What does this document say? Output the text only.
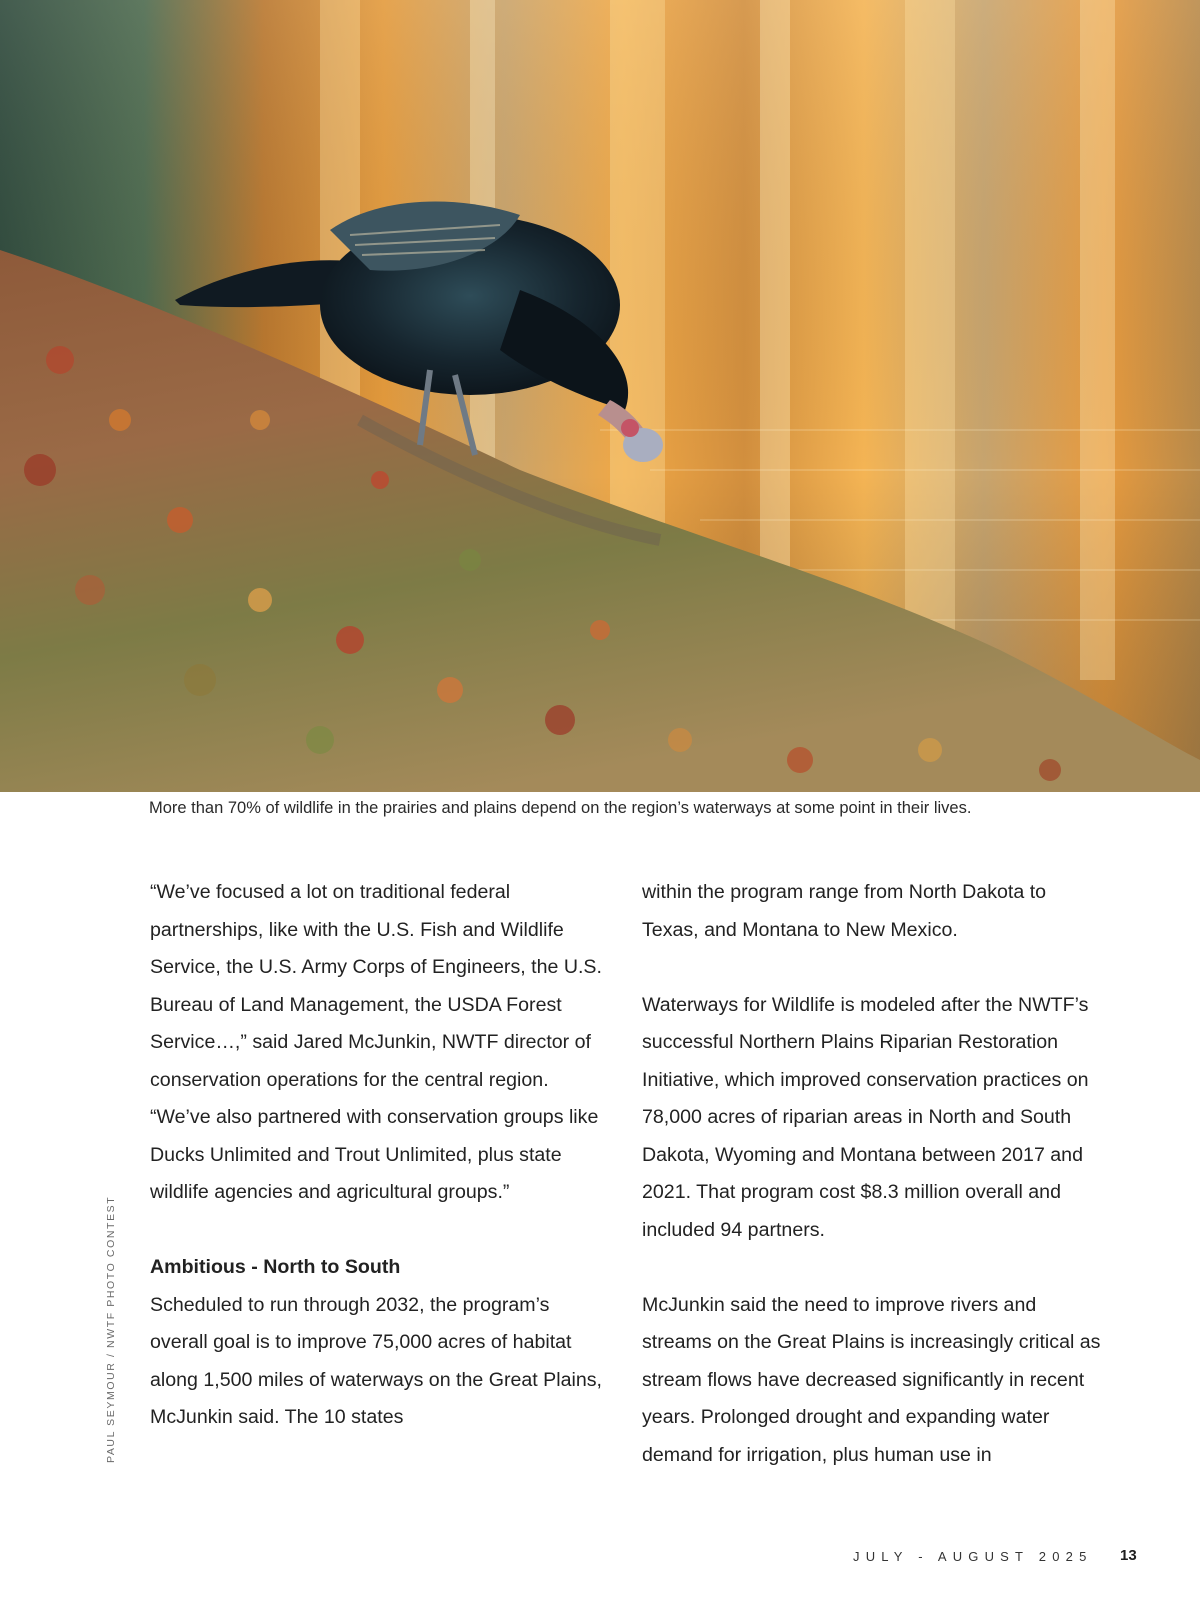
More than 70% of wildlife in the prairies and plains depend on the region’s waterways at some point in their lives.
PAUL SEYMOUR / NWTF PHOTO CONTEST

“We’ve focused a lot on traditional federal partnerships, like with the U.S. Fish and Wildlife Service, the U.S. Army Corps of Engineers, the U.S. Bureau of Land Management, the USDA Forest Service…,” said Jared McJunkin, NWTF director of conservation operations for the central region. “We’ve also partnered with conservation groups like Ducks Unlimited and Trout Unlimited, plus state wildlife agencies and agricultural groups.”

Ambitious - North to South

Scheduled to run through 2032, the program’s overall goal is to improve 75,000 acres of habitat along 1,500 miles of waterways on the Great Plains, McJunkin said. The 10 states

within the program range from North Dakota to Texas, and Montana to New Mexico.

Waterways for Wildlife is modeled after the NWTF’s successful Northern Plains Riparian Restoration Initiative, which improved conservation practices on 78,000 acres of riparian areas in North and South Dakota, Wyoming and Montana between 2017 and 2021. That program cost $8.3 million overall and included 94 partners.

McJunkin said the need to improve rivers and streams on the Great Plains is increasingly critical as stream flows have decreased significantly in recent years. Prolonged drought and expanding water demand for irrigation, plus human use in

JULY - AUGUST 2025 13
